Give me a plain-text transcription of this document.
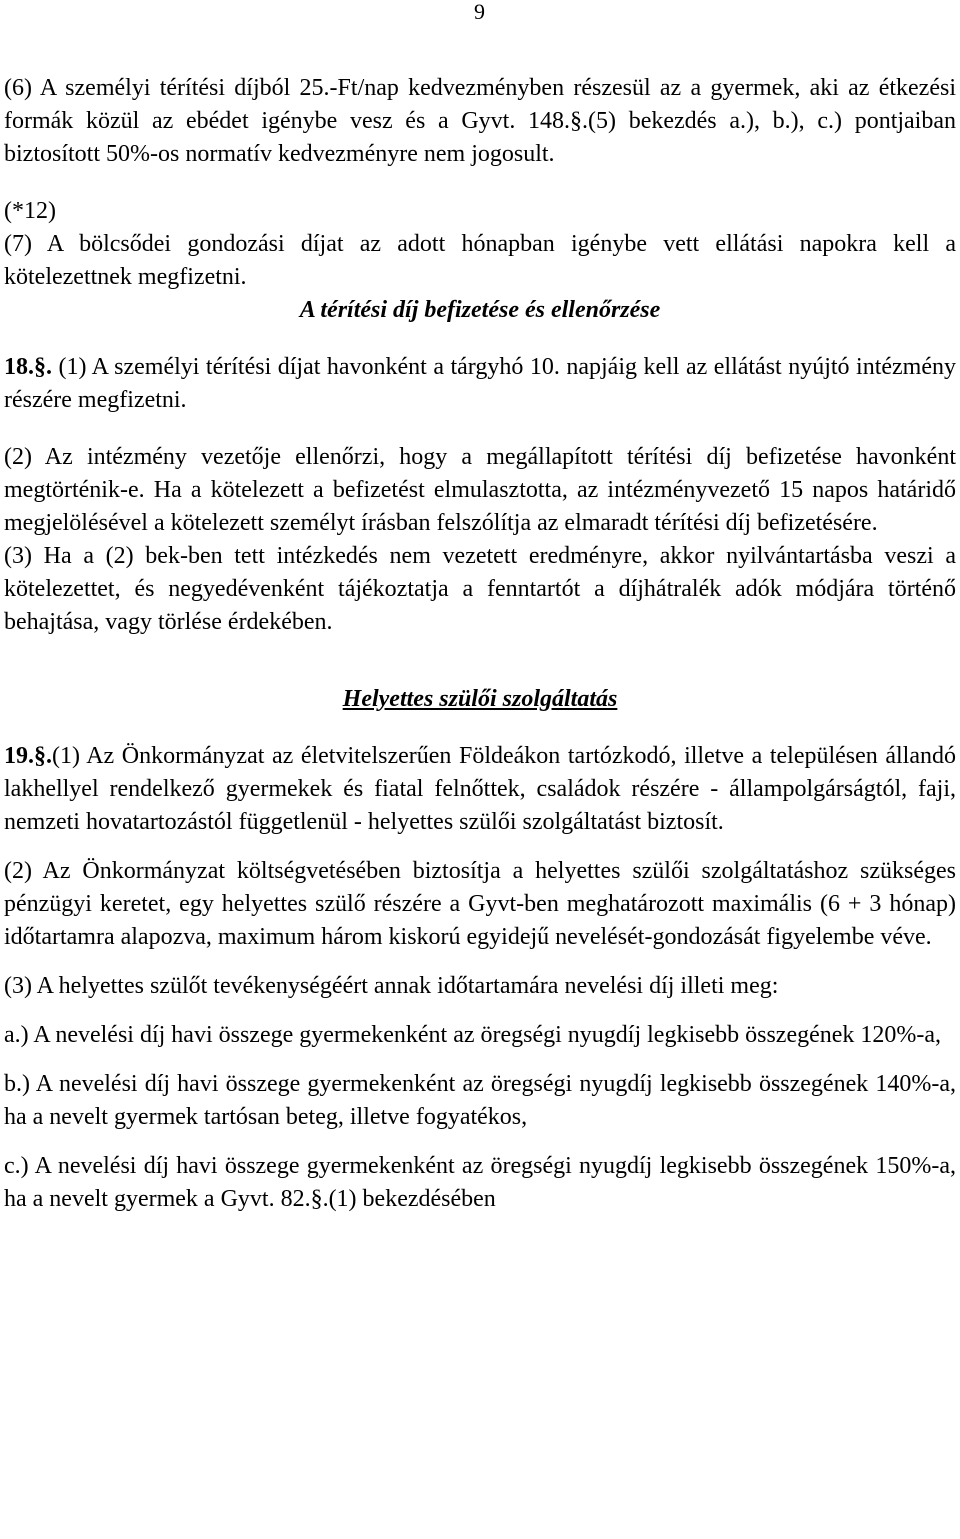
9

(6) A személyi térítési díjból 25.-Ft/nap kedvezményben részesül az a gyermek, aki az étkezési formák közül az ebédet igénybe vesz és a Gyvt. 148.§.(5) bekezdés a.), b.), c.) pontjaiban biztosított 50%-os normatív kedvezményre nem jogosult.

(*12)

(7) A bölcsődei gondozási díjat az adott hónapban igénybe vett ellátási napokra kell a kötelezettnek megfizetni.

A térítési díj befizetése és ellenőrzése

18.§. (1) A személyi térítési díjat havonként a tárgyhó 10. napjáig kell az ellátást nyújtó intézmény részére megfizetni.

(2) Az intézmény vezetője ellenőrzi, hogy a megállapított térítési díj befizetése havonként megtörténik-e. Ha a kötelezett a befizetést elmulasztotta, az intézményvezető 15 napos határidő megjelölésével a kötelezett személyt írásban felszólítja az elmaradt térítési díj befizetésére.

(3) Ha a (2) bek-ben tett intézkedés nem vezetett eredményre, akkor nyilvántartásba veszi a kötelezettet, és negyedévenként tájékoztatja a fenntartót a díjhátralék adók módjára történő behajtása, vagy törlése érdekében.

Helyettes szülői szolgáltatás

19.§.(1) Az Önkormányzat az életvitelszerűen Földeákon tartózkodó, illetve a településen állandó lakhellyel rendelkező gyermekek és fiatal felnőttek, családok részére - állampolgárságtól, faji, nemzeti hovatartozástól függetlenül - helyettes szülői szolgáltatást biztosít.

(2) Az Önkormányzat költségvetésében biztosítja a helyettes szülői szolgáltatáshoz szükséges pénzügyi keretet, egy helyettes szülő részére a Gyvt-ben meghatározott maximális (6 + 3 hónap) időtartamra alapozva, maximum három kiskorú egyidejű nevelését-gondozását figyelembe véve.

(3) A helyettes szülőt tevékenységéért annak időtartamára nevelési díj illeti meg:

a.) A nevelési díj havi összege gyermekenként az öregségi nyugdíj legkisebb összegének 120%-a,

b.) A nevelési díj havi összege gyermekenként az öregségi nyugdíj legkisebb összegének 140%-a, ha a nevelt gyermek tartósan beteg, illetve fogyatékos,

c.) A nevelési díj havi összege gyermekenként az öregségi nyugdíj legkisebb összegének 150%-a, ha a nevelt gyermek a Gyvt. 82.§.(1) bekezdésében
